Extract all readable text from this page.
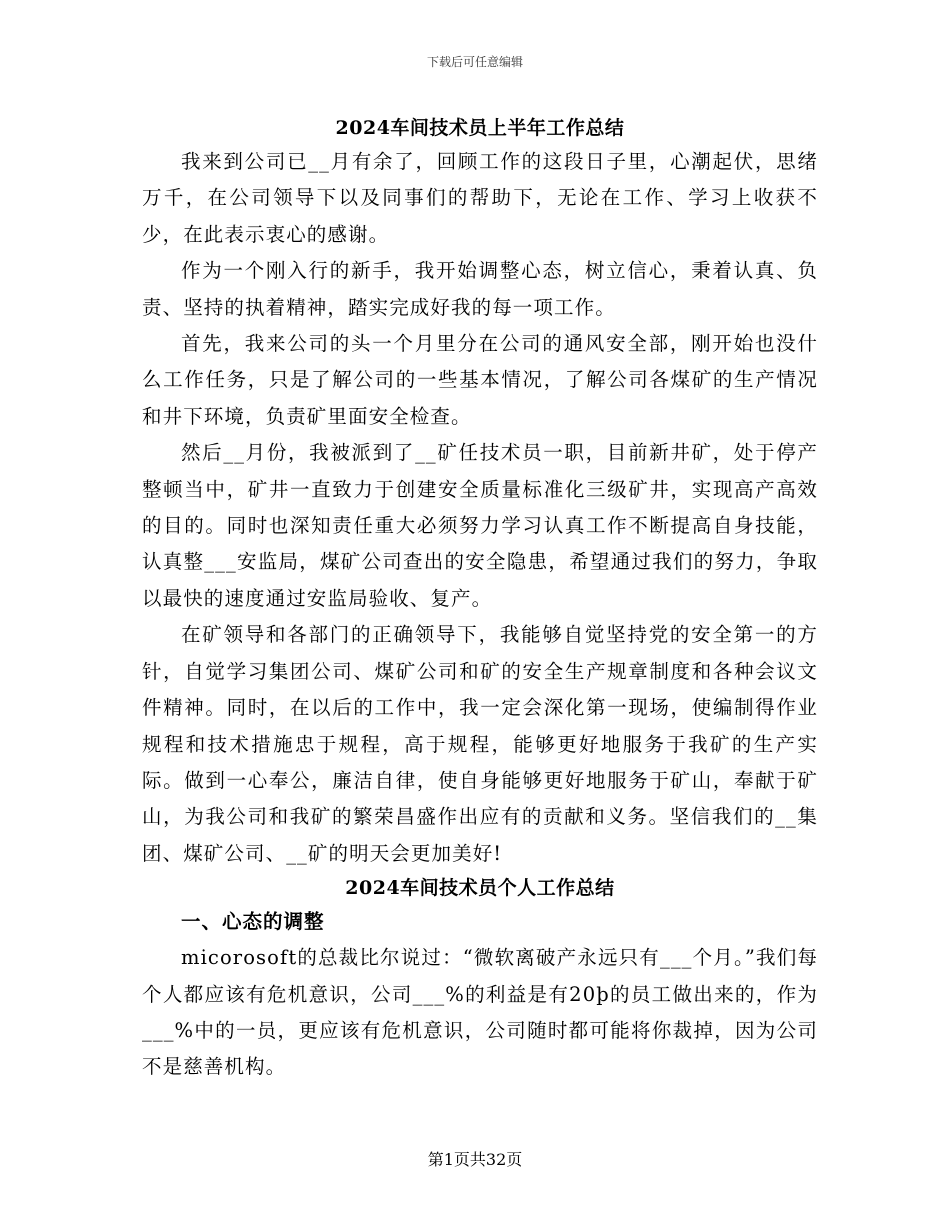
下载后可任意编辑
2024车间技术员上半年工作总结

我来到公司已__月有余了，回顾工作的这段日子里，心潮起伏，思绪万千，在公司领导下以及同事们的帮助下，无论在工作、学习上收获不少，在此表示衷心的感谢。

作为一个刚入行的新手，我开始调整心态，树立信心，秉着认真、负责、坚持的执着精神，踏实完成好我的每一项工作。

首先，我来公司的头一个月里分在公司的通风安全部，刚开始也没什么工作任务，只是了解公司的一些基本情况，了解公司各煤矿的生产情况和井下环境，负责矿里面安全检查。

然后__月份，我被派到了__矿任技术员一职，目前新井矿，处于停产整顿当中，矿井一直致力于创建安全质量标准化三级矿井，实现高产高效的目的。同时也深知责任重大必须努力学习认真工作不断提高自身技能，认真整___安监局，煤矿公司查出的安全隐患，希望通过我们的努力，争取以最快的速度通过安监局验收、复产。

在矿领导和各部门的正确领导下，我能够自觉坚持党的安全第一的方针，自觉学习集团公司、煤矿公司和矿的安全生产规章制度和各种会议文件精神。同时，在以后的工作中，我一定会深化第一现场，使编制得作业规程和技术措施忠于规程，高于规程，能够更好地服务于我矿的生产实际。做到一心奉公，廉洁自律，使自身能够更好地服务于矿山，奉献于矿山，为我公司和我矿的繁荣昌盛作出应有的贡献和义务。坚信我们的__集团、煤矿公司、__矿的明天会更加美好!

2024车间技术员个人工作总结
一、心态的调整

micorosoft的总裁比尔说过：“微软离破产永远只有___个月。”我们每个人都应该有危机意识，公司___%的利益是有20þ的员工做出来的，作为___%中的一员，更应该有危机意识，公司随时都可能将你裁掉，因为公司不是慈善机构。

第1页共32页
